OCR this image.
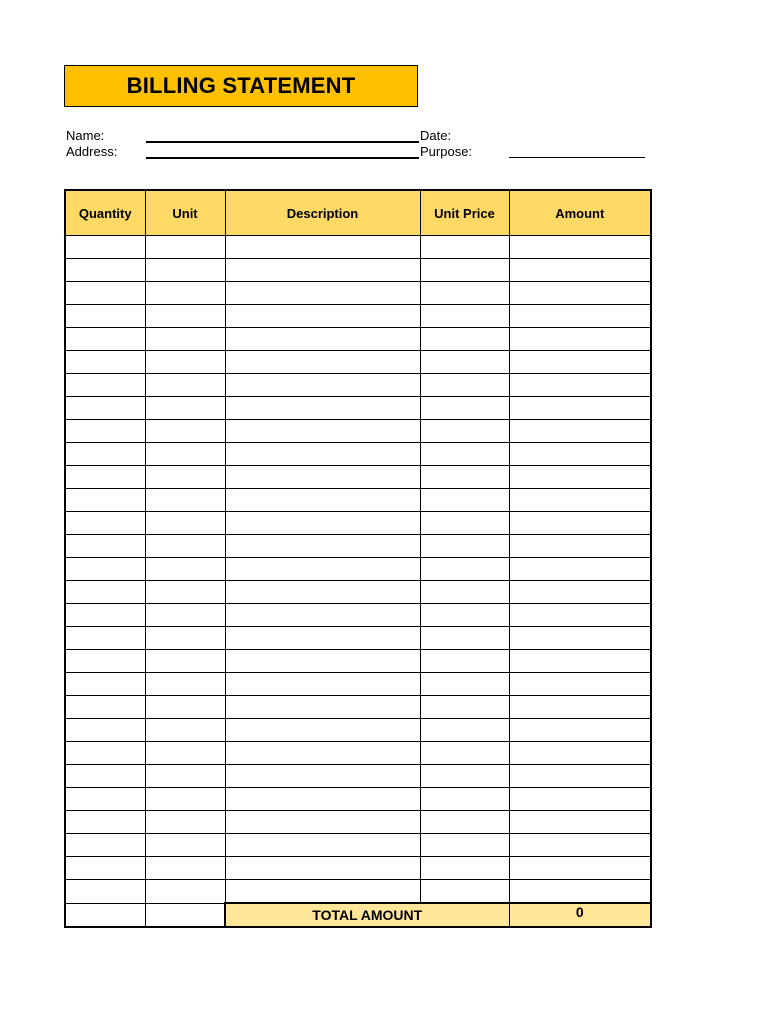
BILLING STATEMENT
Name:
Address:
Date:
Purpose:
Quantity	Unit	Description	Unit Price	Amount

		TOTAL AMOUNT		0
